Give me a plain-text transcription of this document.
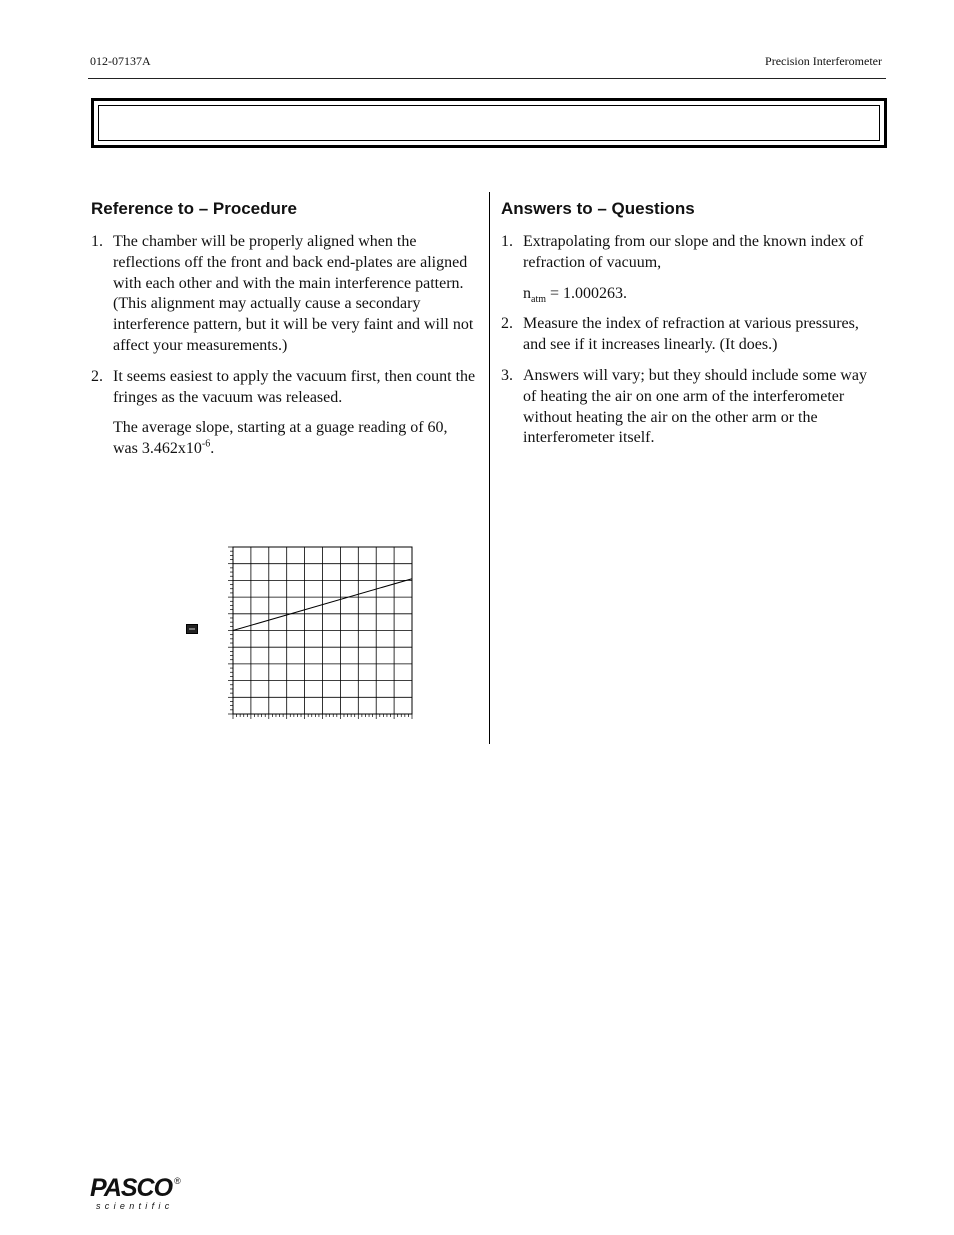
012-07137A	Precision Interferometer
Reference to – Procedure
1. The chamber will be properly aligned when the reflections off the front and back end-plates are aligned with each other and with the main interference pattern. (This alignment may actually cause a secondary interference pattern, but it will be very faint and will not affect your measurements.)
2. It seems easiest to apply the vacuum first, then count the fringes as the vacuum was released.
The average slope, starting at a guage reading of 60, was $3.462x10^{-6}$.
Answers to – Questions
1. Extrapolating from our slope and the known index of refraction of vacuum,
$n_{atm} = 1.000263$.
2. Measure the index of refraction at various pressures, and see if it increases linearly. (It does.)
3. Answers will vary; but they should include some way of heating the air on one arm of the interferometer without heating the air on the other arm or the interferometer itself.
PASCO ®
scientific
